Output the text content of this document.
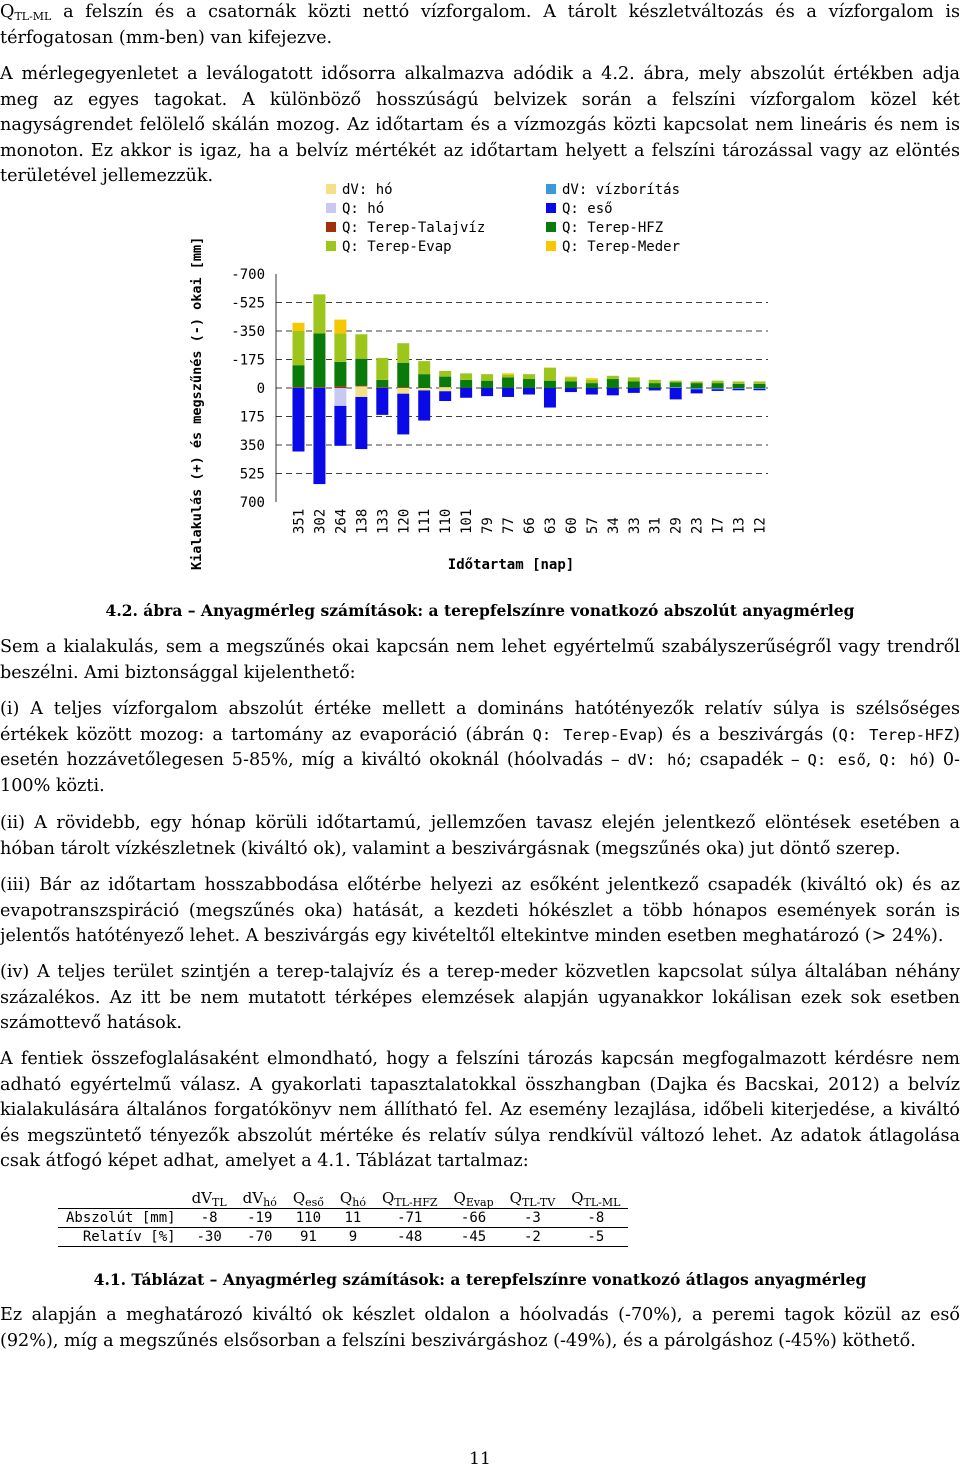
$Q_{TL-ML}$ a felszín és a csatornák közti nettó vízforgalom. A tárolt készletváltozás és a vízforgalom is térfogatosan (mm-ben) van kifejezve.

A mérlegegyenletet a leválogatott idősorra alkalmazva adódik a 4.2. ábra, mely abszolút értékben adja meg az egyes tagokat. A különböző hosszúságú belvizek során a felszíni vízforgalom közel két nagyságrendet felölelő skálán mozog. Az időtartam és a vízmozgás közti kapcsolat nem lineáris és nem is monoton. Ez akkor is igaz, ha a belvíz mértékét az időtartam helyett a felszíni tározással vagy az elöntés területével jellemezzük.

dV: hó	dV: vízborítás
Q: hó	Q: eső
Q: Terep-Talajvíz	Q: Terep-HFZ
Q: Terep-Evap	Q: Terep-Meder
-700
-525
-350
-175
0
175
350
525
700
351 302 264 138 133 120 111 110 101 79 77 66 63 60 57 34 33 31 29 23 17 13 12
Kialakulás (+) és megszűnés (-) okai [mm]	Időtartam [nap]
4.2. ábra – Anyagmérleg számítások: a terepfelszínre vonatkozó abszolút anyagmérleg

Sem a kialakulás, sem a megszűnés okai kapcsán nem lehet egyértelmű szabályszerűségről vagy trendről beszélni. Ami biztonsággal kijelenthető:

(i) A teljes vízforgalom abszolút értéke mellett a domináns hatótényezők relatív súlya is szélsőséges értékek között mozog: a tartomány az evaporáció (ábrán Q: Terep-Evap) és a beszivárgás (Q: Terep-HFZ) esetén hozzávetőlegesen 5-85%, míg a kiváltó okoknál (hóolvadás – dV: hó; csapadék – Q: eső, Q: hó) 0-100% közti.

(ii) A rövidebb, egy hónap körüli időtartamú, jellemzően tavasz elején jelentkező elöntések esetében a hóban tárolt vízkészletnek (kiváltó ok), valamint a beszivárgásnak (megszűnés oka) jut döntő szerep.

(iii) Bár az időtartam hosszabbodása előtérbe helyezi az esőként jelentkező csapadék (kiváltó ok) és az evapotranszspiráció (megszűnés oka) hatását, a kezdeti hókészlet a több hónapos események során is jelentős hatótényező lehet. A beszivárgás egy kivételtől eltekintve minden esetben meghatározó (> 24%).

(iv) A teljes terület szintjén a terep-talajvíz és a terep-meder közvetlen kapcsolat súlya általában néhány százalékos. Az itt be nem mutatott térképes elemzések alapján ugyanakkor lokálisan ezek sok esetben számottevő hatások.

A fentiek összefoglalásaként elmondható, hogy a felszíni tározás kapcsán megfogalmazott kérdésre nem adható egyértelmű válasz. A gyakorlati tapasztalatokkal összhangban (Dajka és Bacskai, 2012) a belvíz kialakulására általános forgatókönyv nem állítható fel. Az esemény lezajlása, időbeli kiterjedése, a kiváltó és megszüntető tényezők abszolút mértéke és relatív súlya rendkívül változó lehet. Az adatok átlagolása csak átfogó képet adhat, amelyet a 4.1. Táblázat tartalmaz:

	$dV_{TL}$	$dV_{hó}$	$Q_{eső}$	$Q_{hó}$	$Q_{TL-HFZ}$	$Q_{Evap}$	$Q_{TL-TV}$	$Q_{TL-ML}$
Abszolút [mm]	-8	-19	110	11	-71	-66	-3	-8
Relatív [%]	-30	-70	91	9	-48	-45	-2	-5
4.1. Táblázat – Anyagmérleg számítások: a terepfelszínre vonatkozó átlagos anyagmérleg

Ez alapján a meghatározó kiváltó ok készlet oldalon a hóolvadás (-70%), a peremi tagok közül az eső (92%), míg a megszűnés elsősorban a felszíni beszivárgáshoz (-49%), és a párolgáshoz (-45%) köthető.

11
